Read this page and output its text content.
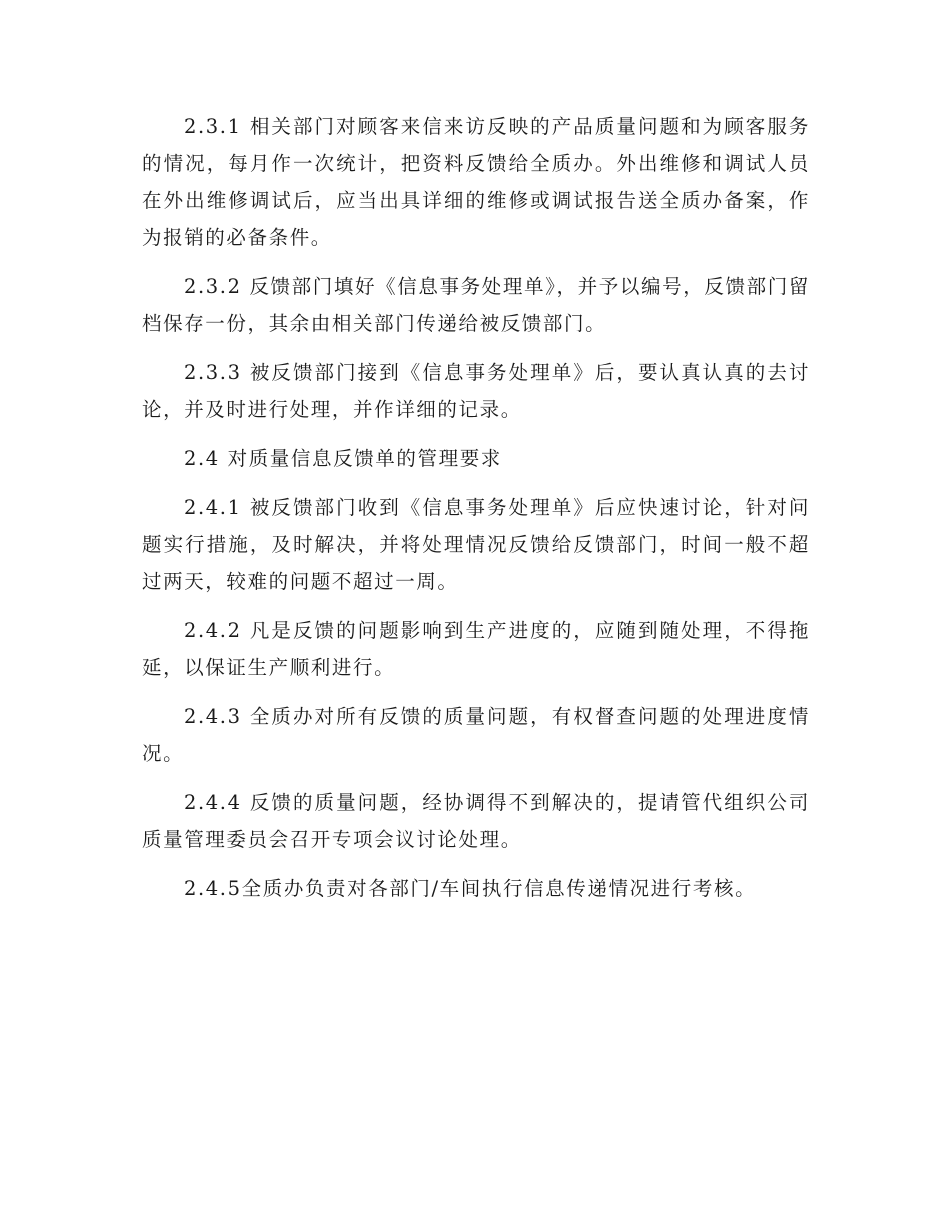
2.3.1 相关部门对顾客来信来访反映的产品质量问题和为顾客服务的情况，每月作一次统计，把资料反馈给全质办。外出维修和调试人员在外出维修调试后，应当出具详细的维修或调试报告送全质办备案，作为报销的必备条件。

2.3.2 反馈部门填好《信息事务处理单》，并予以编号，反馈部门留档保存一份，其余由相关部门传递给被反馈部门。

2.3.3 被反馈部门接到《信息事务处理单》后，要认真认真的去讨论，并及时进行处理，并作详细的记录。

2.4 对质量信息反馈单的管理要求

2.4.1 被反馈部门收到《信息事务处理单》后应快速讨论，针对问题实行措施，及时解决，并将处理情况反馈给反馈部门，时间一般不超过两天，较难的问题不超过一周。

2.4.2 凡是反馈的问题影响到生产进度的，应随到随处理，不得拖延，以保证生产顺利进行。

2.4.3 全质办对所有反馈的质量问题，有权督查问题的处理进度情况。

2.4.4 反馈的质量问题，经协调得不到解决的，提请管代组织公司质量管理委员会召开专项会议讨论处理。

2.4.5全质办负责对各部门/车间执行信息传递情况进行考核。
